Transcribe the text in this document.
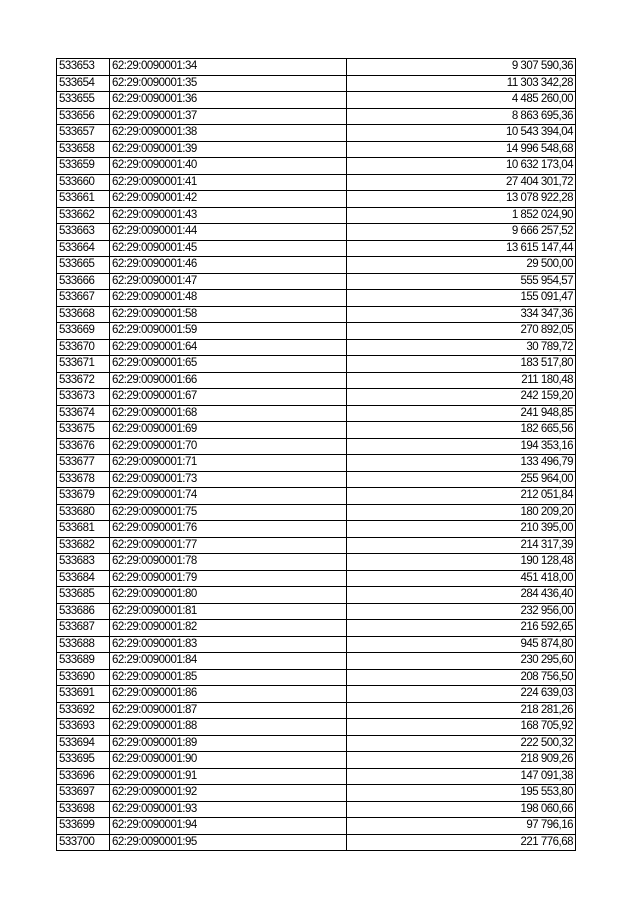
533653	62:29:0090001:34	9 307 590,36
533654	62:29:0090001:35	11 303 342,28
533655	62:29:0090001:36	4 485 260,00
533656	62:29:0090001:37	8 863 695,36
533657	62:29:0090001:38	10 543 394,04
533658	62:29:0090001:39	14 996 548,68
533659	62:29:0090001:40	10 632 173,04
533660	62:29:0090001:41	27 404 301,72
533661	62:29:0090001:42	13 078 922,28
533662	62:29:0090001:43	1 852 024,90
533663	62:29:0090001:44	9 666 257,52
533664	62:29:0090001:45	13 615 147,44
533665	62:29:0090001:46	29 500,00
533666	62:29:0090001:47	555 954,57
533667	62:29:0090001:48	155 091,47
533668	62:29:0090001:58	334 347,36
533669	62:29:0090001:59	270 892,05
533670	62:29:0090001:64	30 789,72
533671	62:29:0090001:65	183 517,80
533672	62:29:0090001:66	211 180,48
533673	62:29:0090001:67	242 159,20
533674	62:29:0090001:68	241 948,85
533675	62:29:0090001:69	182 665,56
533676	62:29:0090001:70	194 353,16
533677	62:29:0090001:71	133 496,79
533678	62:29:0090001:73	255 964,00
533679	62:29:0090001:74	212 051,84
533680	62:29:0090001:75	180 209,20
533681	62:29:0090001:76	210 395,00
533682	62:29:0090001:77	214 317,39
533683	62:29:0090001:78	190 128,48
533684	62:29:0090001:79	451 418,00
533685	62:29:0090001:80	284 436,40
533686	62:29:0090001:81	232 956,00
533687	62:29:0090001:82	216 592,65
533688	62:29:0090001:83	945 874,80
533689	62:29:0090001:84	230 295,60
533690	62:29:0090001:85	208 756,50
533691	62:29:0090001:86	224 639,03
533692	62:29:0090001:87	218 281,26
533693	62:29:0090001:88	168 705,92
533694	62:29:0090001:89	222 500,32
533695	62:29:0090001:90	218 909,26
533696	62:29:0090001:91	147 091,38
533697	62:29:0090001:92	195 553,80
533698	62:29:0090001:93	198 060,66
533699	62:29:0090001:94	97 796,16
533700	62:29:0090001:95	221 776,68
